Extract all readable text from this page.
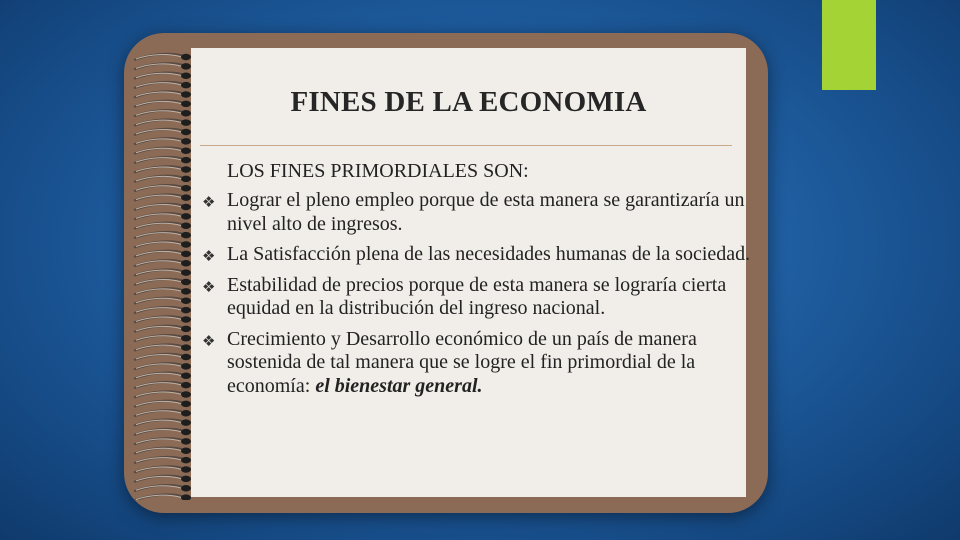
FINES DE LA ECONOMIA
LOS FINES PRIMORDIALES SON:
❖ Lograr el pleno empleo porque de esta manera se garantizaría un nivel alto de ingresos.
❖ La Satisfacción plena de las necesidades humanas de la sociedad.
❖ Estabilidad de precios porque de esta manera se lograría cierta equidad en la distribución del ingreso nacional.
❖ Crecimiento y Desarrollo económico de un país de manera sostenida de tal manera que se logre el fin primordial de la economía: el bienestar general.
